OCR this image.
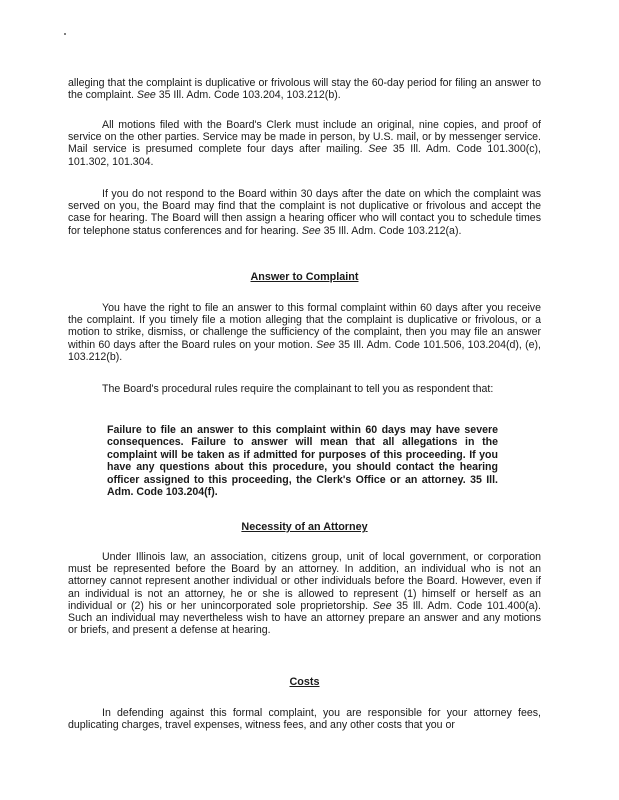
alleging that the complaint is duplicative or frivolous will stay the 60-day period for filing an answer to the complaint. See 35 Ill. Adm. Code 103.204, 103.212(b).

All motions filed with the Board's Clerk must include an original, nine copies, and proof of service on the other parties. Service may be made in person, by U.S. mail, or by messenger service. Mail service is presumed complete four days after mailing. See 35 Ill. Adm. Code 101.300(c), 101.302, 101.304.

If you do not respond to the Board within 30 days after the date on which the complaint was served on you, the Board may find that the complaint is not duplicative or frivolous and accept the case for hearing. The Board will then assign a hearing officer who will contact you to schedule times for telephone status conferences and for hearing. See 35 Ill. Adm. Code 103.212(a).

Answer to Complaint

You have the right to file an answer to this formal complaint within 60 days after you receive the complaint. If you timely file a motion alleging that the complaint is duplicative or frivolous, or a motion to strike, dismiss, or challenge the sufficiency of the complaint, then you may file an answer within 60 days after the Board rules on your motion. See 35 Ill. Adm. Code 101.506, 103.204(d), (e), 103.212(b).

The Board's procedural rules require the complainant to tell you as respondent that:

Failure to file an answer to this complaint within 60 days may have severe consequences. Failure to answer will mean that all allegations in the complaint will be taken as if admitted for purposes of this proceeding. If you have any questions about this procedure, you should contact the hearing officer assigned to this proceeding, the Clerk's Office or an attorney. 35 Ill. Adm. Code 103.204(f).

Necessity of an Attorney

Under Illinois law, an association, citizens group, unit of local government, or corporation must be represented before the Board by an attorney. In addition, an individual who is not an attorney cannot represent another individual or other individuals before the Board. However, even if an individual is not an attorney, he or she is allowed to represent (1) himself or herself as an individual or (2) his or her unincorporated sole proprietorship. See 35 Ill. Adm. Code 101.400(a). Such an individual may nevertheless wish to have an attorney prepare an answer and any motions or briefs, and present a defense at hearing.

Costs

In defending against this formal complaint, you are responsible for your attorney fees, duplicating charges, travel expenses, witness fees, and any other costs that you or
